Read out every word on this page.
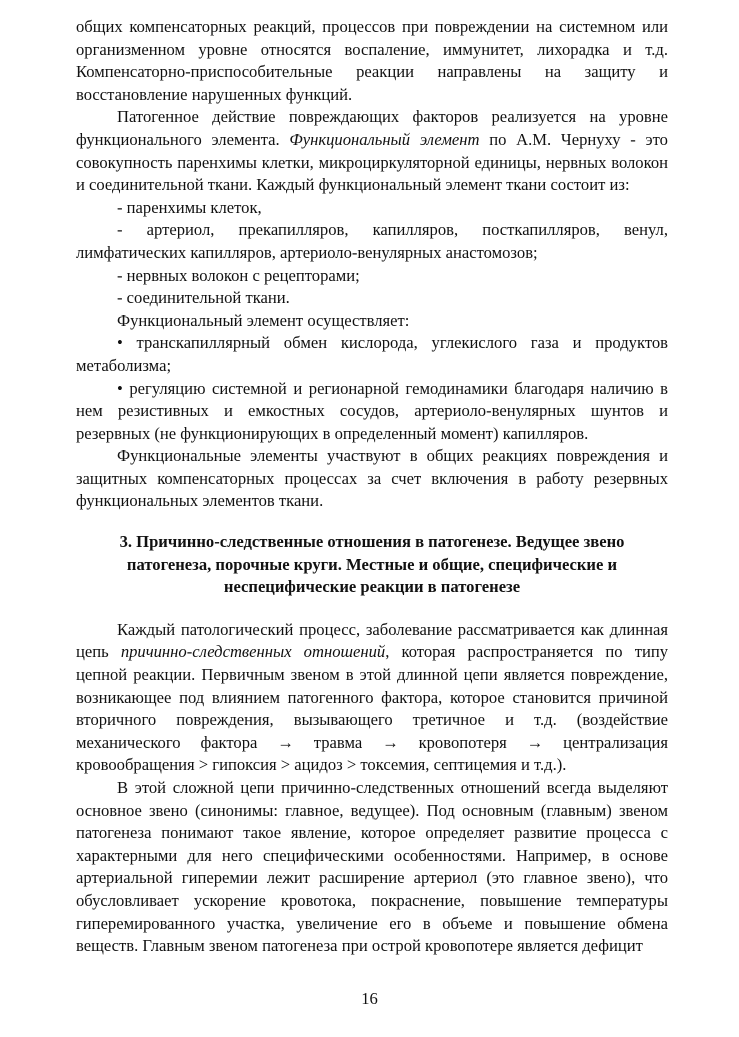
общих компенсаторных реакций, процессов при повреждении на системном или организменном уровне относятся воспаление, иммунитет, лихорадка и т.д. Компенсаторно-приспособительные реакции направлены на защиту и восстановление нарушенных функций.

Патогенное действие повреждающих факторов реализуется на уровне функционального элемента. Функциональный элемент по А.М. Чернуху - это совокупность паренхимы клетки, микроциркуляторной единицы, нервных волокон и соединительной ткани. Каждый функциональный элемент ткани состоит из:

- паренхимы клеток,

- артериол, прекапилляров, капилляров, посткапилляров, венул, лимфатических капилляров, артериоло-венулярных анастомозов;

- нервных волокон с рецепторами;

- соединительной ткани.

Функциональный элемент осуществляет:

• транскапиллярный обмен кислорода, углекислого газа и продуктов метаболизма;

• регуляцию системной и регионарной гемодинамики благодаря наличию в нем резистивных и емкостных сосудов, артериоло-венулярных шунтов и резервных (не функционирующих в определенный момент) капилляров.

Функциональные элементы участвуют в общих реакциях повреждения и защитных компенсаторных процессах за счет включения в работу резервных функциональных элементов ткани.

3. Причинно-следственные отношения в патогенезе. Ведущее звено патогенеза, порочные круги. Местные и общие, специфические и неспецифические реакции в патогенезе

Каждый патологический процесс, заболевание рассматривается как длинная цепь причинно-следственных отношений, которая распространяется по типу цепной реакции. Первичным звеном в этой длинной цепи является повреждение, возникающее под влиянием патогенного фактора, которое становится причиной вторичного повреждения, вызывающего третичное и т.д. (воздействие механического фактора → травма → кровопотеря → централизация кровообращения > гипоксия > ацидоз > токсемия, септицемия и т.д.).

В этой сложной цепи причинно-следственных отношений всегда выделяют основное звено (синонимы: главное, ведущее). Под основным (главным) звеном патогенеза понимают такое явление, которое определяет развитие процесса с характерными для него специфическими особенностями. Например, в основе артериальной гиперемии лежит расширение артериол (это главное звено), что обусловливает ускорение кровотока, покраснение, повышение температуры гиперемированного участка, увеличение его в объеме и повышение обмена веществ. Главным звеном патогенеза при острой кровопотере является дефицит

16
